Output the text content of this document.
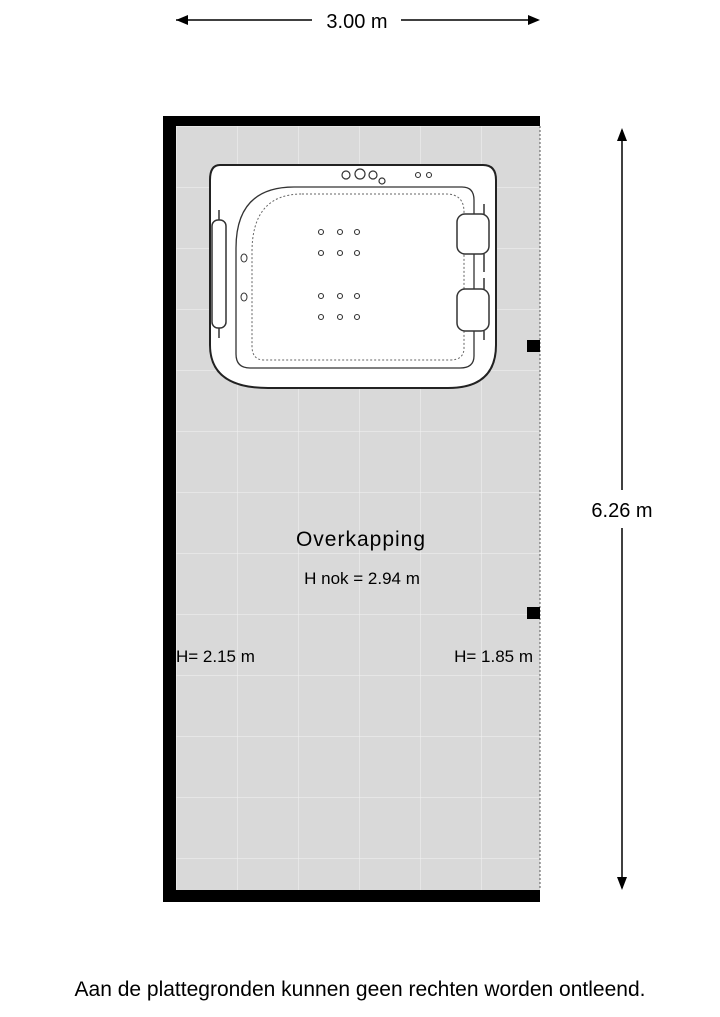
3.00 m
6.26 m
Overkapping
H nok = 2.94 m
H= 2.15 m	H= 1.85 m
Aan de plattegronden kunnen geen rechten worden ontleend.
